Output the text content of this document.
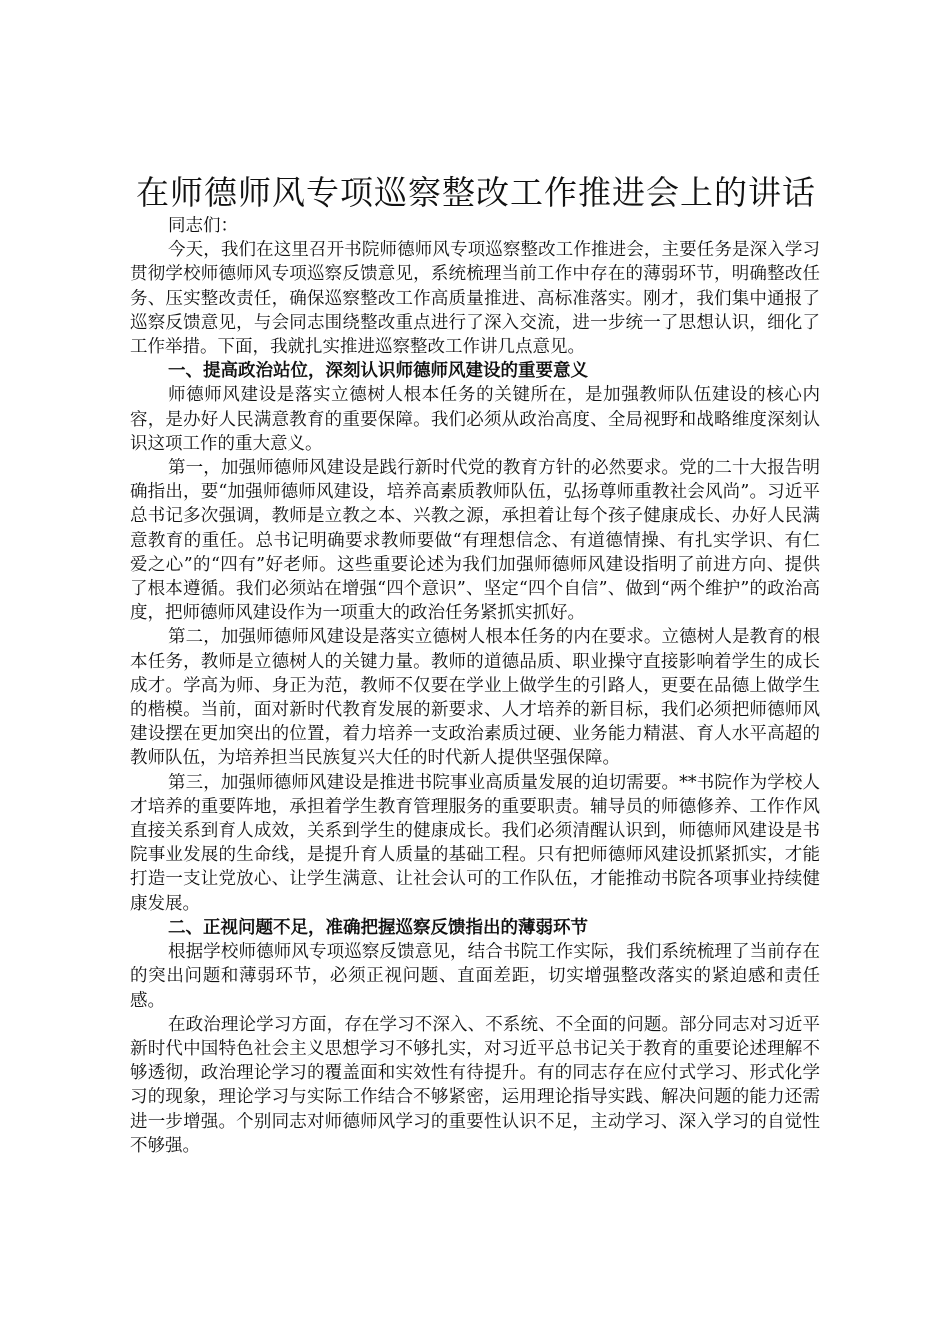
在师德师风专项巡察整改工作推进会上的讲话

同志们：

今天，我们在这里召开书院师德师风专项巡察整改工作推进会，主要任务是深入学习贯彻学校师德师风专项巡察反馈意见，系统梳理当前工作中存在的薄弱环节，明确整改任务、压实整改责任，确保巡察整改工作高质量推进、高标准落实。刚才，我们集中通报了巡察反馈意见，与会同志围绕整改重点进行了深入交流，进一步统一了思想认识，细化了工作举措。下面，我就扎实推进巡察整改工作讲几点意见。

一、提高政治站位，深刻认识师德师风建设的重要意义

师德师风建设是落实立德树人根本任务的关键所在，是加强教师队伍建设的核心内容，是办好人民满意教育的重要保障。我们必须从政治高度、全局视野和战略维度深刻认识这项工作的重大意义。

第一，加强师德师风建设是践行新时代党的教育方针的必然要求。党的二十大报告明确指出，要“加强师德师风建设，培养高素质教师队伍，弘扬尊师重教社会风尚”。习近平总书记多次强调，教师是立教之本、兴教之源，承担着让每个孩子健康成长、办好人民满意教育的重任。总书记明确要求教师要做“有理想信念、有道德情操、有扎实学识、有仁爱之心”的“四有”好老师。这些重要论述为我们加强师德师风建设指明了前进方向、提供了根本遵循。我们必须站在增强“四个意识”、坚定“四个自信”、做到“两个维护”的政治高度，把师德师风建设作为一项重大的政治任务紧抓实抓好。

第二，加强师德师风建设是落实立德树人根本任务的内在要求。立德树人是教育的根本任务，教师是立德树人的关键力量。教师的道德品质、职业操守直接影响着学生的成长成才。学高为师、身正为范，教师不仅要在学业上做学生的引路人，更要在品德上做学生的楷模。当前，面对新时代教育发展的新要求、人才培养的新目标，我们必须把师德师风建设摆在更加突出的位置，着力培养一支政治素质过硬、业务能力精湛、育人水平高超的教师队伍，为培养担当民族复兴大任的时代新人提供坚强保障。

第三，加强师德师风建设是推进书院事业高质量发展的迫切需要。**书院作为学校人才培养的重要阵地，承担着学生教育管理服务的重要职责。辅导员的师德修养、工作作风直接关系到育人成效，关系到学生的健康成长。我们必须清醒认识到，师德师风建设是书院事业发展的生命线，是提升育人质量的基础工程。只有把师德师风建设抓紧抓实，才能打造一支让党放心、让学生满意、让社会认可的工作队伍，才能推动书院各项事业持续健康发展。

二、正视问题不足，准确把握巡察反馈指出的薄弱环节

根据学校师德师风专项巡察反馈意见，结合书院工作实际，我们系统梳理了当前存在的突出问题和薄弱环节，必须正视问题、直面差距，切实增强整改落实的紧迫感和责任感。

在政治理论学习方面，存在学习不深入、不系统、不全面的问题。部分同志对习近平新时代中国特色社会主义思想学习不够扎实，对习近平总书记关于教育的重要论述理解不够透彻，政治理论学习的覆盖面和实效性有待提升。有的同志存在应付式学习、形式化学习的现象，理论学习与实际工作结合不够紧密，运用理论指导实践、解决问题的能力还需进一步增强。个别同志对师德师风学习的重要性认识不足，主动学习、深入学习的自觉性不够强。
